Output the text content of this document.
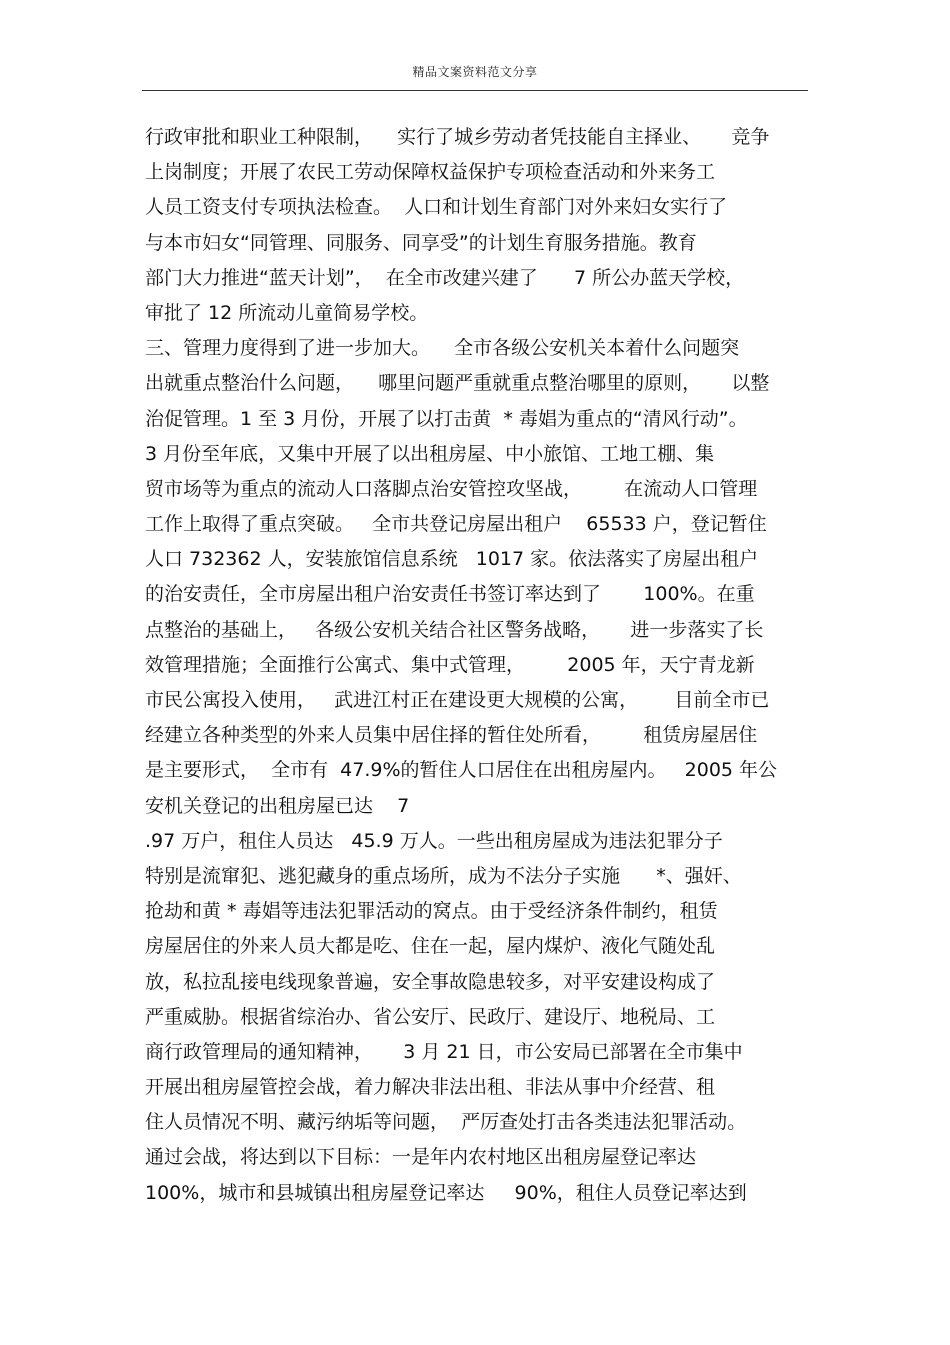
精品文案资料范文分享
行政审批和职业工种限制，    实行了城乡劳动者凭技能自主择业、     竞争
上岗制度；开展了农民工劳动保障权益保护专项检查活动和外来务工
人员工资支付专项执法检查。  人口和计划生育部门对外来妇女实行了
与本市妇女“同管理、同服务、同享受”的计划生育服务措施。教育
部门大力推进“蓝天计划”，  在全市改建兴建了      7 所公办蓝天学校，
审批了 12 所流动儿童简易学校。
三、管理力度得到了进一步加大。    全市各级公安机关本着什么问题突
出就重点整治什么问题，    哪里问题严重就重点整治哪里的原则，     以整
治促管理。1 至 3 月份，开展了以打击黄  * 毒娼为重点的“清风行动”。
3 月份至年底，又集中开展了以出租房屋、中小旅馆、工地工棚、集
贸市场等为重点的流动人口落脚点治安管控攻坚战，       在流动人口管理
工作上取得了重点突破。   全市共登记房屋出租户    65533 户，登记暂住
人口 732362 人，安装旅馆信息系统   1017 家。依法落实了房屋出租户
的治安责任，全市房屋出租户治安责任书签订率达到了       100%。在重
点整治的基础上，   各级公安机关结合社区警务战略，     进一步落实了长
效管理措施；全面推行公寓式、集中式管理，       2005 年，天宁青龙新
市民公寓投入使用，   武进江村正在建设更大规模的公寓，      目前全市已
经建立各种类型的外来人员集中居住择的暂住处所看，       租赁房屋居住
是主要形式，  全市有  47.9%的暂住人口居住在出租房屋内。   2005 年公
安机关登记的出租房屋已达    7
.97 万户，租住人员达   45.9 万人。一些出租房屋成为违法犯罪分子
特别是流窜犯、逃犯藏身的重点场所，成为不法分子实施      *、强奸、
抢劫和黄 * 毒娼等违法犯罪活动的窝点。由于受经济条件制约，租赁
房屋居住的外来人员大都是吃、住在一起，屋内煤炉、液化气随处乱
放，私拉乱接电线现象普遍，安全事故隐患较多，对平安建设构成了
严重威胁。根据省综治办、省公安厅、民政厅、建设厅、地税局、工
商行政管理局的通知精神，     3 月 21 日，市公安局已部署在全市集中
开展出租房屋管控会战，着力解决非法出租、非法从事中介经营、租
住人员情况不明、藏污纳垢等问题，  严厉查处打击各类违法犯罪活动。
通过会战，将达到以下目标：一是年内农村地区出租房屋登记率达
100%，城市和县城镇出租房屋登记率达     90%，租住人员登记率达到
